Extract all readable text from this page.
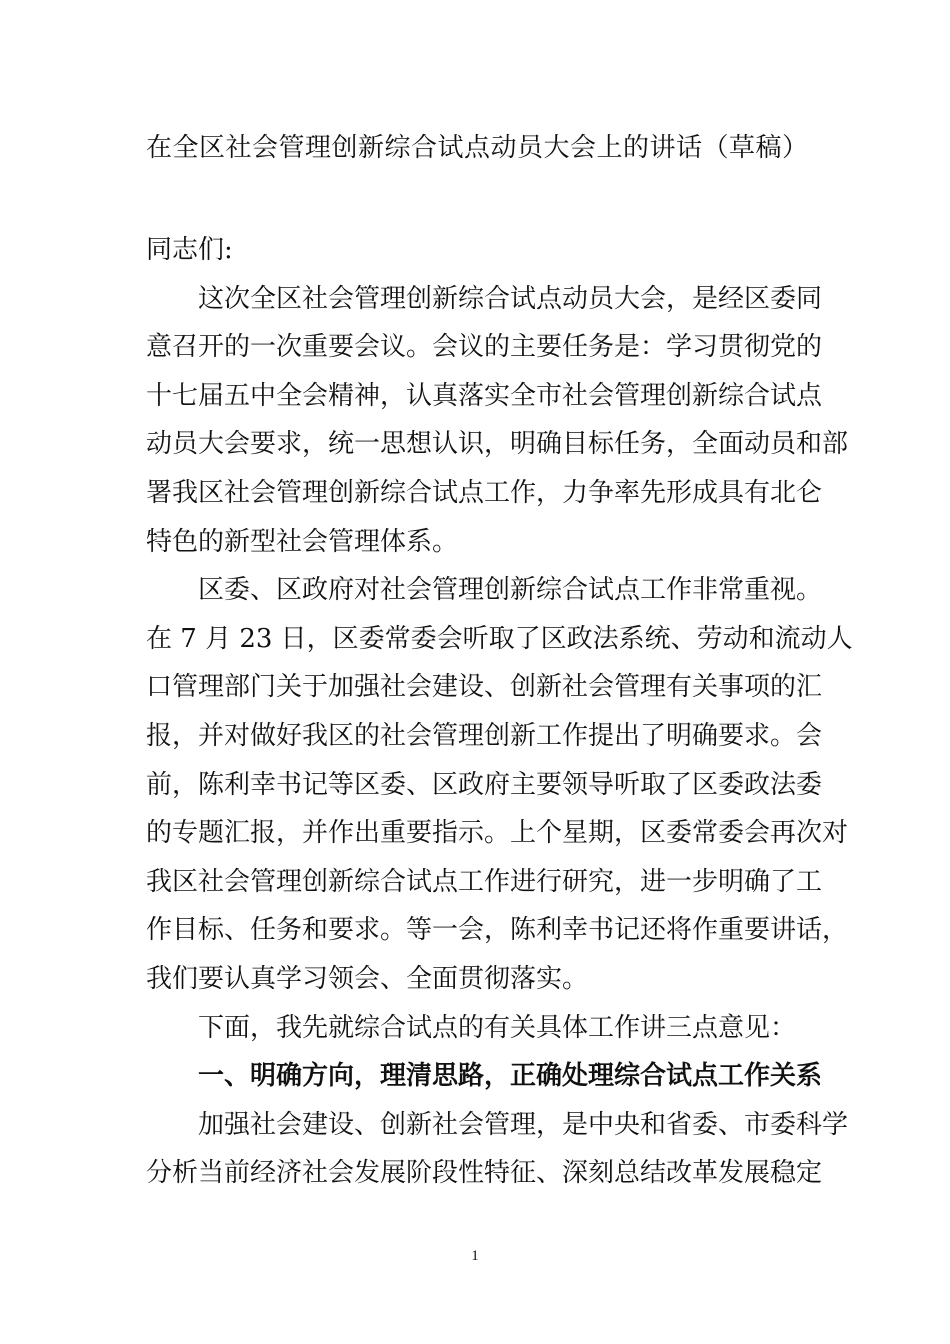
在全区社会管理创新综合试点动员大会上的讲话（草稿）
同志们:
这次全区社会管理创新综合试点动员大会，是经区委同
意召开的一次重要会议。会议的主要任务是：学习贯彻党的
十七届五中全会精神，认真落实全市社会管理创新综合试点
动员大会要求，统一思想认识，明确目标任务，全面动员和部
署我区社会管理创新综合试点工作，力争率先形成具有北仑
特色的新型社会管理体系。
区委、区政府对社会管理创新综合试点工作非常重视。
在 7 月 23 日，区委常委会听取了区政法系统、劳动和流动人
口管理部门关于加强社会建设、创新社会管理有关事项的汇
报，并对做好我区的社会管理创新工作提出了明确要求。会
前，陈利幸书记等区委、区政府主要领导听取了区委政法委
的专题汇报，并作出重要指示。上个星期，区委常委会再次对
我区社会管理创新综合试点工作进行研究，进一步明确了工
作目标、任务和要求。等一会，陈利幸书记还将作重要讲话，
我们要认真学习领会、全面贯彻落实。
下面，我先就综合试点的有关具体工作讲三点意见：
一、明确方向，理清思路，正确处理综合试点工作关系
加强社会建设、创新社会管理，是中央和省委、市委科学
分析当前经济社会发展阶段性特征、深刻总结改革发展稳定
1
